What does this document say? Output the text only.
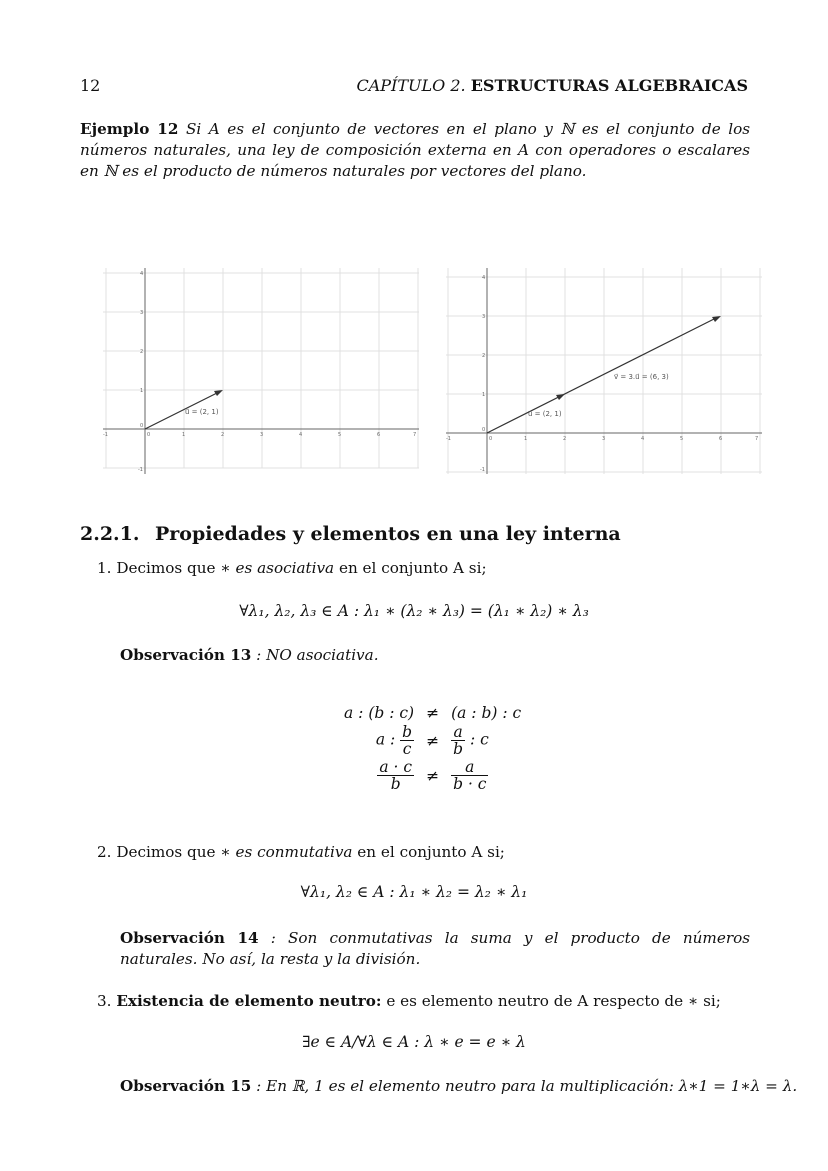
12	CAPÍTULO 2. ESTRUCTURAS ALGEBRAICAS
Ejemplo 12 Si A es el conjunto de vectores en el plano y ℕ es el conjunto de los números naturales, una ley de composición externa en A con operadores o escalares en ℕ es el producto de números naturales por vectores del plano.
u⃗ = (2, 1)
-1	0	1	2	3	4	5	6	7
-1
0
1
2
3
4
u⃗ = (2, 1)
v⃗ = 3.u⃗ = (6, 3)
-1	0	1	2	3	4	5	6	7
-1
0
1
2
3
4
2.2.1. Propiedades y elementos en una ley interna
1. Decimos que ∗ es asociativa en el conjunto A si;
∀λ₁, λ₂, λ₃ ∈ A : λ₁ ∗ (λ₂ ∗ λ₃) = (λ₁ ∗ λ₂) ∗ λ₃
Observación 13 : NO asociativa.
a : (b : c)	≠	(a : b) : c
a : $\frac{b}{c}$	≠	$\frac{a}{b}$ : c

$\frac{a \cdot c}{b}$	≠	$\frac{a}{b \cdot c}$
2. Decimos que ∗ es conmutativa en el conjunto A si;
∀λ₁, λ₂ ∈ A : λ₁ ∗ λ₂ = λ₂ ∗ λ₁
Observación 14 : Son conmutativas la suma y el producto de números naturales. No así, la resta y la división.
3. Existencia de elemento neutro: e es elemento neutro de A respecto de ∗ si;
∃e ∈ A/∀λ ∈ A : λ ∗ e = e ∗ λ
Observación 15 : En ℝ, 1 es el elemento neutro para la multiplicación: λ∗1 = 1∗λ = λ.
